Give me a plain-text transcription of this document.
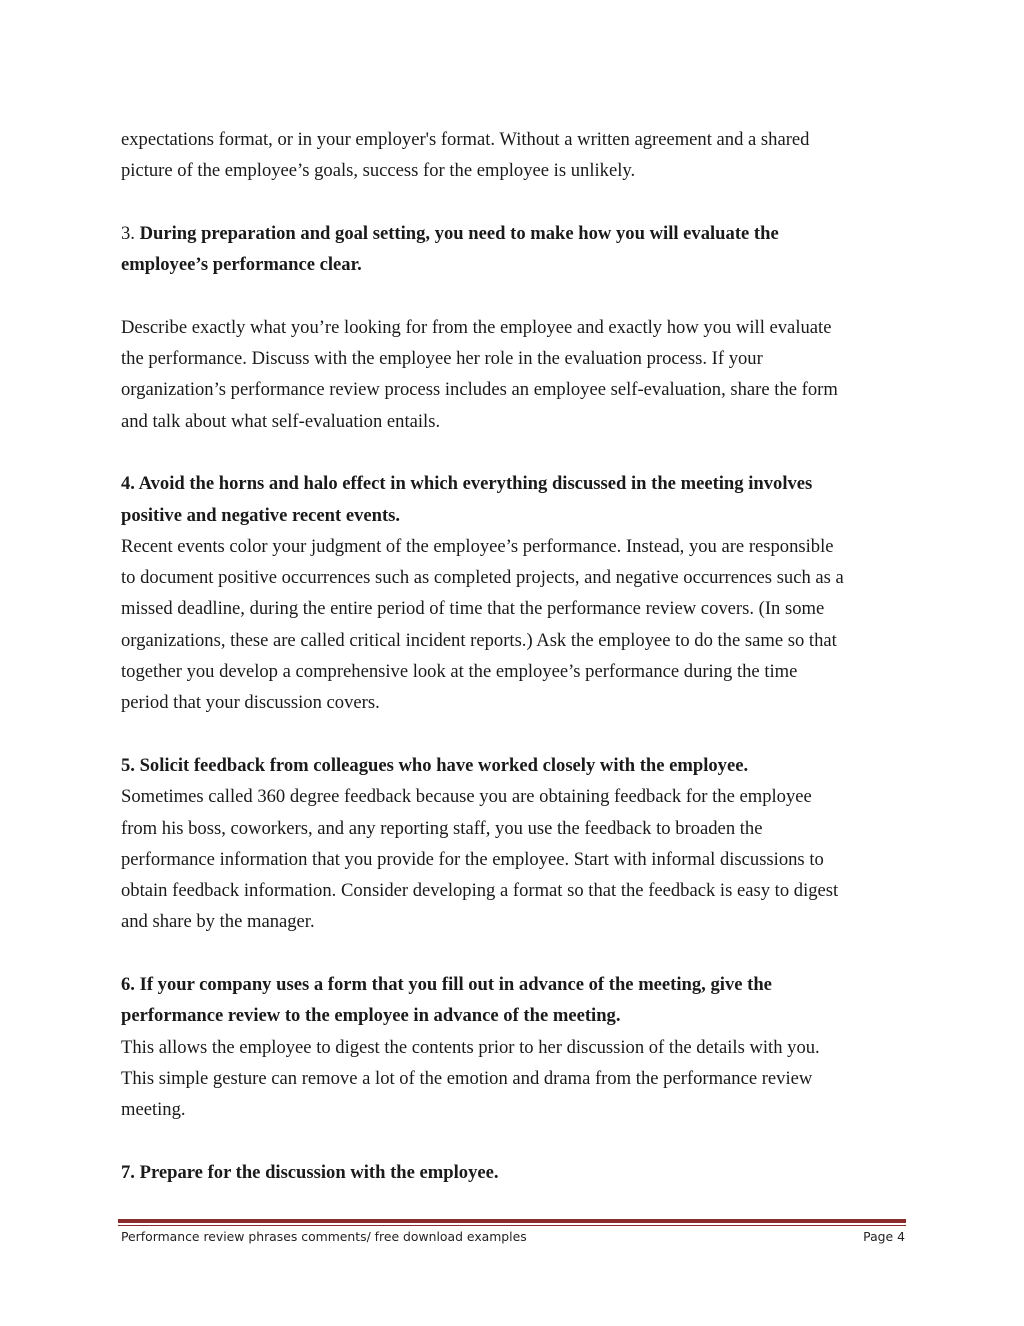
expectations format, or in your employer's format. Without a written agreement and a shared

picture of the employee’s goals, success for the employee is unlikely.

3. During preparation and goal setting, you need to make how you will evaluate the

employee’s performance clear.

Describe exactly what you’re looking for from the employee and exactly how you will evaluate

the performance. Discuss with the employee her role in the evaluation process. If your

organization’s performance review process includes an employee self-evaluation, share the form

and talk about what self-evaluation entails.

4. Avoid the horns and halo effect in which everything discussed in the meeting involves

positive and negative recent events.

Recent events color your judgment of the employee’s performance. Instead, you are responsible

to document positive occurrences such as completed projects, and negative occurrences such as a

missed deadline, during the entire period of time that the performance review covers. (In some

organizations, these are called critical incident reports.) Ask the employee to do the same so that

together you develop a comprehensive look at the employee’s performance during the time

period that your discussion covers.

5. Solicit feedback from colleagues who have worked closely with the employee.

Sometimes called 360 degree feedback because you are obtaining feedback for the employee

from his boss, coworkers, and any reporting staff, you use the feedback to broaden the

performance information that you provide for the employee. Start with informal discussions to

obtain feedback information. Consider developing a format so that the feedback is easy to digest

and share by the manager.

6. If your company uses a form that you fill out in advance of the meeting, give the

performance review to the employee in advance of the meeting.

This allows the employee to digest the contents prior to her discussion of the details with you.

This simple gesture can remove a lot of the emotion and drama from the performance review

meeting.

7. Prepare for the discussion with the employee.

Performance review phrases comments/ free download examples	Page 4
